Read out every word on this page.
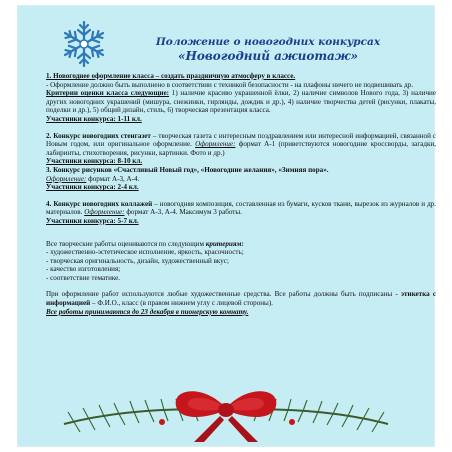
Положение о новогодних конкурсах
«Новогодний ажиотаж»

1. Новогоднее оформление класса – создать праздничную атмосферу в классе.

- Оформление должно быть выполнено в соответствии с техникой безопасности - на плафоны ничего не подвешивать др.

Критерии оценки класса следующие: 1) наличие красиво украшенной ёлки, 2) наличие символов Нового года, 3) наличие других новогодних украшений (мишура, снежинки, гирлянды, дождик и др.), 4) наличие творчества детей (рисунки, плакаты, поделки и др.), 5) общий дизайн, стиль, 6) творческая презентация класса.

Участники конкурса: 1-11 кл.

2. Конкурс новогодних стенгазет – творческая газета с интересным поздравлением или интересной информацией, связанной с Новым годом, или оригинальное оформление. Оформление: формат А-1 (приветствуются новогодние кроссворды, загадки, лабиринты, стихотворения, рисунки, картинки. Фото и др.)

Участники конкурса: 8-10 кл.

3. Конкурс рисунков «Счастливый Новый год», «Новогодние желания», «Зимняя пора».

Оформление: формат А-3, А-4.

Участники конкурса: 2-4 кл.

4. Конкурс новогодних коллажей – новогодняя композиция, составленная из бумаги, кусков ткани, вырезок из журналов и др. материалов. Оформление: формат А-3, А-4. Максимум 3 работы.

Участники конкурса: 5-7 кл.

Все творческие работы оцениваются по следующим критериям:

- художественно-эстетическое исполнение, яркость, красочность;

- творческая оригинальность, дизайн, художественный вкус;

- качество изготовления;

- соответствие тематике.

При оформление работ используются любые художественные средства. Все работы должны быть подписаны - этикетка с информацией – Ф.И.О., класс (в правом нижнем углу с лицевой стороны).

Все работы принимаются до 23 декабря в пионерскую комнату.
